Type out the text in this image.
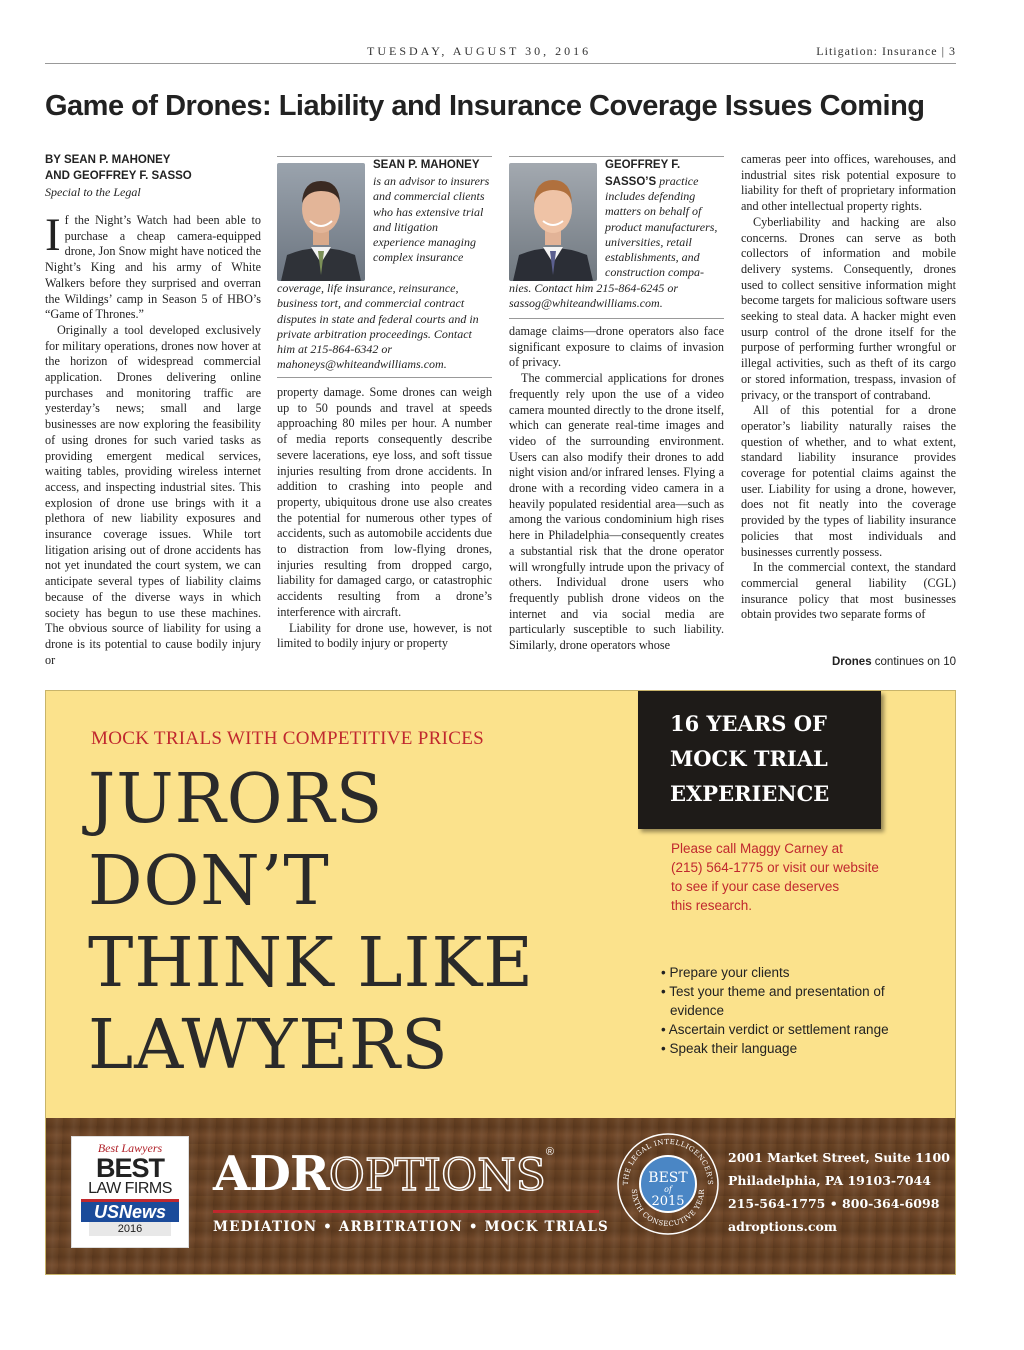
TUESDAY, AUGUST 30, 2016	Litigation: Insurance | 3
Game of Drones: Liability and Insurance Coverage Issues Coming
BY SEAN P. MAHONEY
AND GEOFFREY F. SASSO
Special to the Legal

If the Night’s Watch had been able to purchase a cheap camera-equipped drone, Jon Snow might have noticed the Night’s King and his army of White Walkers before they surprised and overran the Wildings’ camp in Season 5 of HBO’s “Game of Thrones.”

Originally a tool developed exclusively for military operations, drones now hover at the horizon of widespread commercial application. Drones delivering online purchases and monitoring traffic are yesterday’s news; small and large businesses are now exploring the feasibility of using drones for such varied tasks as providing emergent medical services, waiting tables, providing wireless internet access, and inspecting industrial sites. This explosion of drone use brings with it a plethora of new liability exposures and insurance coverage issues. While tort litigation arising out of drone accidents has not yet inundated the court system, we can anticipate several types of liability claims because of the diverse ways in which society has begun to use these machines. The obvious source of liability for using a drone is its potential to cause bodily injury or

SEAN P. MAHONEY
is an advisor to insurers and commercial clients who has extensive trial and litigation experience managing complex insurance
coverage, life insurance, reinsurance, business tort, and commercial contract disputes in state and federal courts and in private arbitration proceedings. Contact him at 215-864-6342 or mahoneys@whiteandwilliams.com.

property damage. Some drones can weigh up to 50 pounds and travel at speeds approaching 80 miles per hour. A number of media reports consequently describe severe lacerations, eye loss, and soft tissue injuries resulting from drone accidents. In addition to crashing into people and property, ubiquitous drone use also creates the potential for numerous other types of accidents, such as automobile accidents due to distraction from low-flying drones, injuries resulting from dropped cargo, liability for damaged cargo, or catastrophic accidents resulting from a drone’s interference with aircraft.

Liability for drone use, however, is not limited to bodily injury or property

GEOFFREY F.
SASSO’S practice
includes defending matters on behalf of product manufacturers, universities, retail establishments, and construction compa-
nies. Contact him 215-864-6245 or sassog@whiteandwilliams.com.

damage claims—drone operators also face significant exposure to claims of invasion of privacy.

The commercial applications for drones frequently rely upon the use of a video camera mounted directly to the drone itself, which can generate real-time images and video of the surrounding environment. Users can also modify their drones to add night vision and/or infrared lenses. Flying a drone with a recording video camera in a heavily populated residential area—such as among the various condominium high rises here in Philadelphia—consequently creates a substantial risk that the drone operator will wrongfully intrude upon the privacy of others. Individual drone users who frequently publish drone videos on the internet and via social media are particularly susceptible to such liability. Similarly, drone operators whose

cameras peer into offices, warehouses, and industrial sites risk potential exposure to liability for theft of proprietary information and other intellectual property rights.

Cyberliability and hacking are also concerns. Drones can serve as both collectors of information and mobile delivery systems. Consequently, drones used to collect sensitive information might become targets for malicious software users seeking to steal data. A hacker might even usurp control of the drone itself for the purpose of performing further wrongful or illegal activities, such as theft of its cargo or stored information, trespass, invasion of privacy, or the transport of contraband.

All of this potential for a drone operator’s liability naturally raises the question of whether, and to what extent, standard liability insurance provides coverage for potential claims against the user. Liability for using a drone, however, does not fit neatly into the coverage provided by the types of liability insurance policies that most individuals and businesses currently possess.

In the commercial context, the standard commercial general liability (CGL) insurance policy that most businesses obtain provides two separate forms of

Drones continues on 10
MOCK TRIALS WITH COMPETITIVE PRICES
JURORS
DON’T
THINK LIKE
LAWYERS
16 YEARS OF
MOCK TRIAL
EXPERIENCE
Please call Maggy Carney at
(215) 564-1775 or visit our website
to see if your case deserves
this research.
• Prepare your clients
• Test your theme and presentation of evidence
• Ascertain verdict or settlement range
• Speak their language
Best Lawyers
BEST
LAW FIRMS
USNews
2016
ADROPTIONS®
MEDIATION • ARBITRATION • MOCK TRIALS
THE LEGAL INTELLIGENCER'S
SIXTH CONSECUTIVE YEAR
BEST
of
2015
2001 Market Street, Suite 1100
Philadelphia, PA 19103-7044
215-564-1775 • 800-364-6098
adroptions.com
